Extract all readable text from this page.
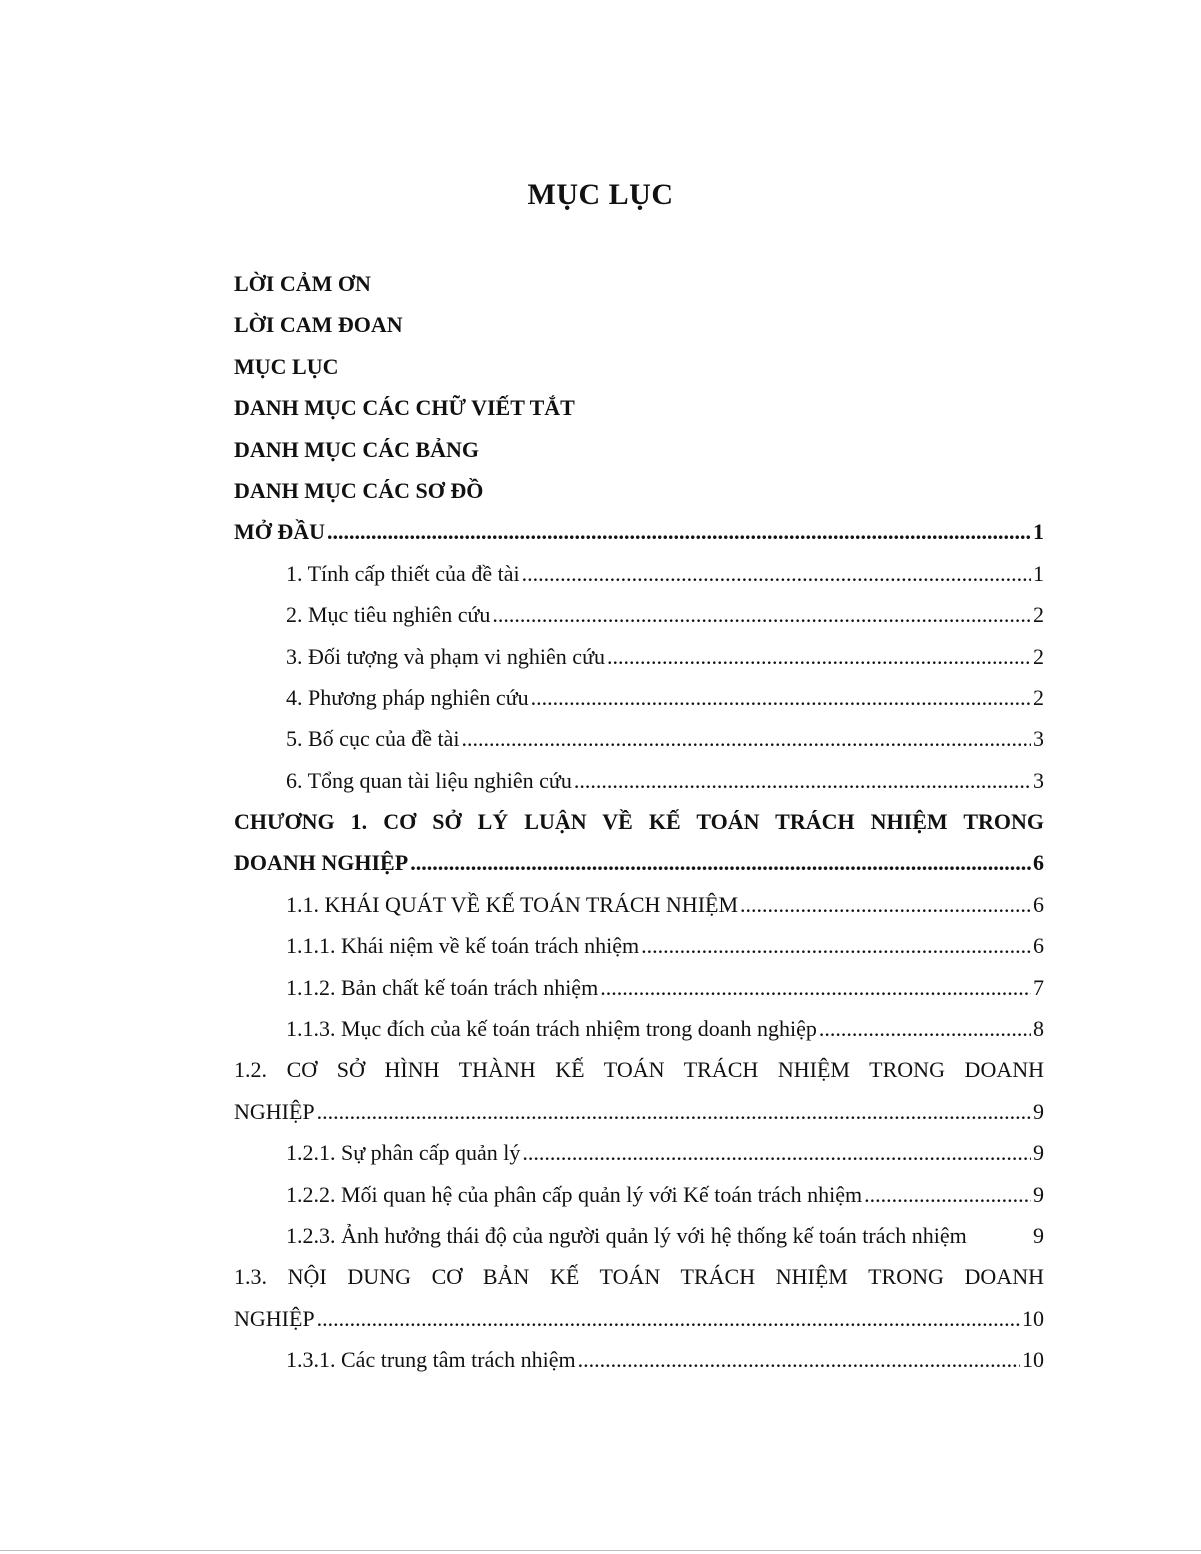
MỤC LỤC
LỜI CẢM ƠN
LỜI CAM ĐOAN
MỤC LỤC
DANH MỤC CÁC CHỮ VIẾT TẮT
DANH MỤC CÁC BẢNG
DANH MỤC CÁC SƠ ĐỒ
MỞ ĐẦU .....	1
1. Tính cấp thiết của đề tài .....	1
2. Mục tiêu nghiên cứu .....	2
3. Đối tượng và phạm vi nghiên cứu .....	2
4. Phương pháp nghiên cứu .....	2
5. Bố cục của đề tài .....	3
6. Tổng quan tài liệu nghiên cứu .....	3
CHƯƠNG 1. CƠ SỞ LÝ LUẬN VỀ KẾ TOÁN TRÁCH NHIỆM TRONG
DOANH NGHIỆP .....	6
1.1. KHÁI QUÁT VỀ KẾ TOÁN TRÁCH NHIỆM .....	6
1.1.1. Khái niệm về kế toán trách nhiệm .....	6
1.1.2. Bản chất kế toán trách nhiệm .....	7
1.1.3. Mục đích của kế toán trách nhiệm trong doanh nghiệp .....	8
1.2. CƠ SỞ HÌNH THÀNH KẾ TOÁN TRÁCH NHIỆM TRONG DOANH
NGHIỆP .....	9
1.2.1. Sự phân cấp quản lý .....	9
1.2.2. Mối quan hệ của phân cấp quản lý với Kế toán trách nhiệm .....	9
1.2.3. Ảnh hưởng thái độ của người quản lý với hệ thống kế toán trách nhiệm	9
1.3. NỘI DUNG CƠ BẢN KẾ TOÁN TRÁCH NHIỆM TRONG DOANH
NGHIỆP .....	10
1.3.1. Các trung tâm trách nhiệm .....	10
